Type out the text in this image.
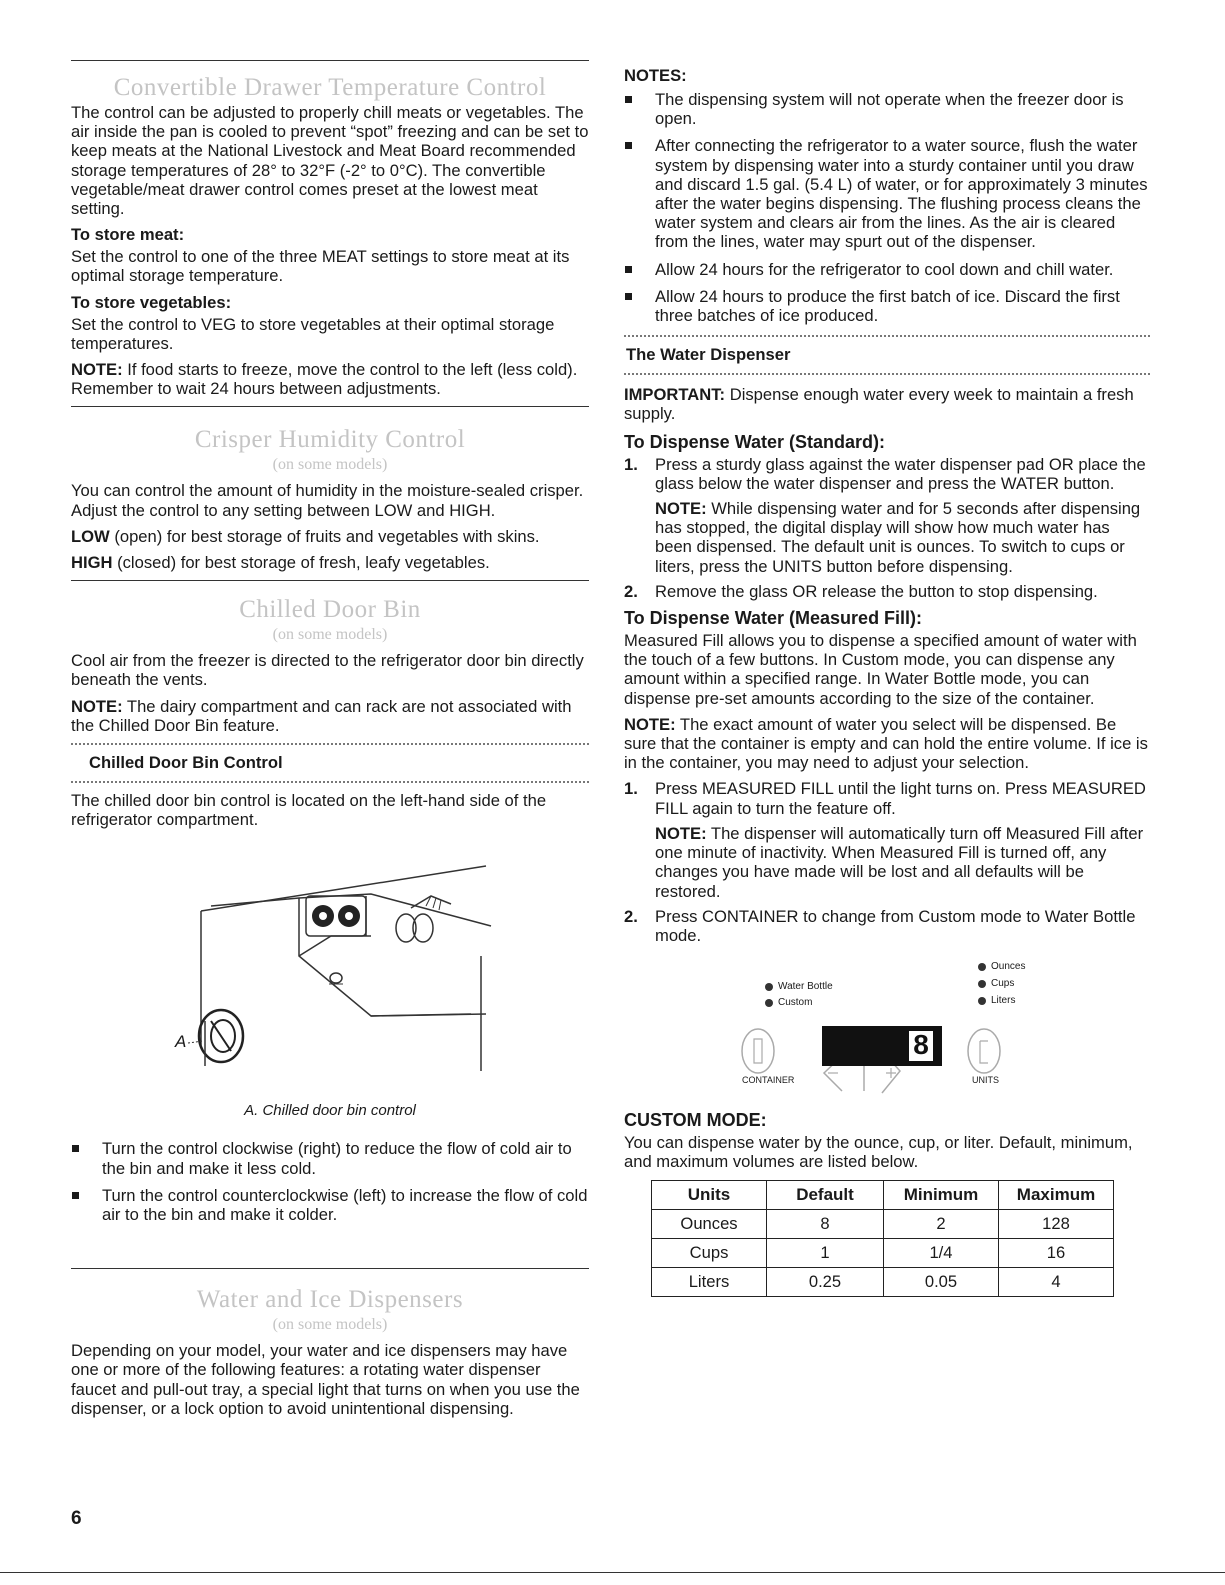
Convertible Drawer Temperature Control

The control can be adjusted to properly chill meats or vegetables. The air inside the pan is cooled to prevent “spot” freezing and can be set to keep meats at the National Livestock and Meat Board recommended storage temperatures of 28° to 32°F (-2° to 0°C). The convertible vegetable/meat drawer control comes preset at the lowest meat setting.

To store meat:

Set the control to one of the three MEAT settings to store meat at its optimal storage temperature.

To store vegetables:

Set the control to VEG to store vegetables at their optimal storage temperatures.

NOTE: If food starts to freeze, move the control to the left (less cold). Remember to wait 24 hours between adjustments.

Crisper Humidity Control
(on some models)

You can control the amount of humidity in the moisture-sealed crisper. Adjust the control to any setting between LOW and HIGH.

LOW (open) for best storage of fruits and vegetables with skins.

HIGH (closed) for best storage of fresh, leafy vegetables.

Chilled Door Bin
(on some models)

Cool air from the freezer is directed to the refrigerator door bin directly beneath the vents.

NOTE: The dairy compartment and can rack are not associated with the Chilled Door Bin feature.

Chilled Door Bin Control

The chilled door bin control is located on the left-hand side of the refrigerator compartment.

A
A. Chilled door bin control

Turn the control clockwise (right) to reduce the flow of cold air to the bin and make it less cold.

Turn the control counterclockwise (left) to increase the flow of cold air to the bin and make it colder.

Water and Ice Dispensers
(on some models)

Depending on your model, your water and ice dispensers may have one or more of the following features: a rotating water dispenser faucet and pull-out tray, a special light that turns on when you use the dispenser, or a lock option to avoid unintentional dispensing.

NOTES:

The dispensing system will not operate when the freezer door is open.

After connecting the refrigerator to a water source, flush the water system by dispensing water into a sturdy container until you draw and discard 1.5 gal. (5.4 L) of water, or for approximately 3 minutes after the water begins dispensing. The flushing process cleans the water system and clears air from the lines. As the air is cleared from the lines, water may spurt out of the dispenser.

Allow 24 hours for the refrigerator to cool down and chill water.

Allow 24 hours to produce the first batch of ice. Discard the first three batches of ice produced.

The Water Dispenser

IMPORTANT: Dispense enough water every week to maintain a fresh supply.

To Dispense Water (Standard):
1. Press a sturdy glass against the water dispenser pad OR place the glass below the water dispenser and press the WATER button.

NOTE: While dispensing water and for 5 seconds after dispensing has stopped, the digital display will show how much water has been dispensed. The default unit is ounces. To switch to cups or liters, press the UNITS button before dispensing.

2. Remove the glass OR release the button to stop dispensing.

To Dispense Water (Measured Fill):

Measured Fill allows you to dispense a specified amount of water with the touch of a few buttons. In Custom mode, you can dispense any amount within a specified range. In Water Bottle mode, you can dispense pre-set amounts according to the size of the container.

NOTE: The exact amount of water you select will be dispensed. Be sure that the container is empty and can hold the entire volume. If ice is in the container, you may need to adjust your selection.

1. Press MEASURED FILL until the light turns on. Press MEASURED FILL again to turn the feature off.

NOTE: The dispenser will automatically turn off Measured Fill after one minute of inactivity. When Measured Fill is turned off, any changes you have made will be lost and all defaults will be restored.

2. Press CONTAINER to change from Custom mode to Water Bottle mode.

Water Bottle
Custom
Ounces
Cups
Liters
8
CONTAINER	UNITS
CUSTOM MODE:

You can dispense water by the ounce, cup, or liter. Default, minimum, and maximum volumes are listed below.

Units	Default	Minimum	Maximum
Ounces	8	2	128
Cups	1	1/4	16
Liters	0.25	0.05	4
6
